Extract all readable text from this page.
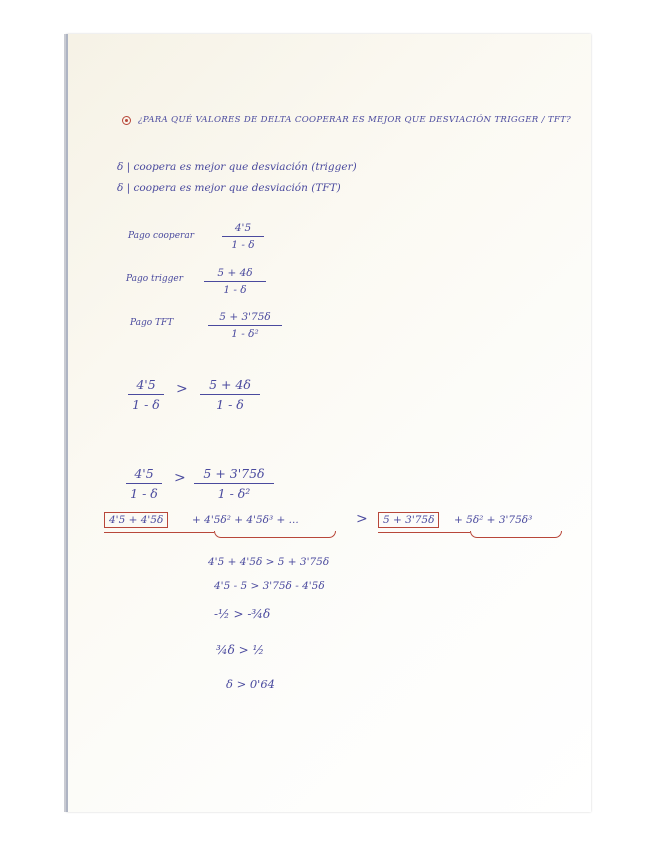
¿PARA QUÉ VALORES DE DELTA COOPERAR ES MEJOR QUE DESVIACIÓN TRIGGER / TFT?
δ | coopera es mejor que desviación (trigger)
δ | coopera es mejor que desviación (TFT)
Pago cooperar
4'5
1 - δ
Pago trigger	5 + 4δ
1 - δ
Pago TFT	5 + 3'75δ
1 - δ²
4'5
1 - δ
>	5 + 4δ
1 - δ
4'5
1 - δ
>	5 + 3'75δ
1 - δ²
4'5 + 4'5δ	+ 4'5δ² + 4'5δ³ + ...	>	5 + 3'75δ	+ 5δ² + 3'75δ³
4'5 + 4'5δ > 5 + 3'75δ
4'5 - 5 > 3'75δ - 4'5δ
-½ > -¾δ
¾δ > ½
δ > 0'64
